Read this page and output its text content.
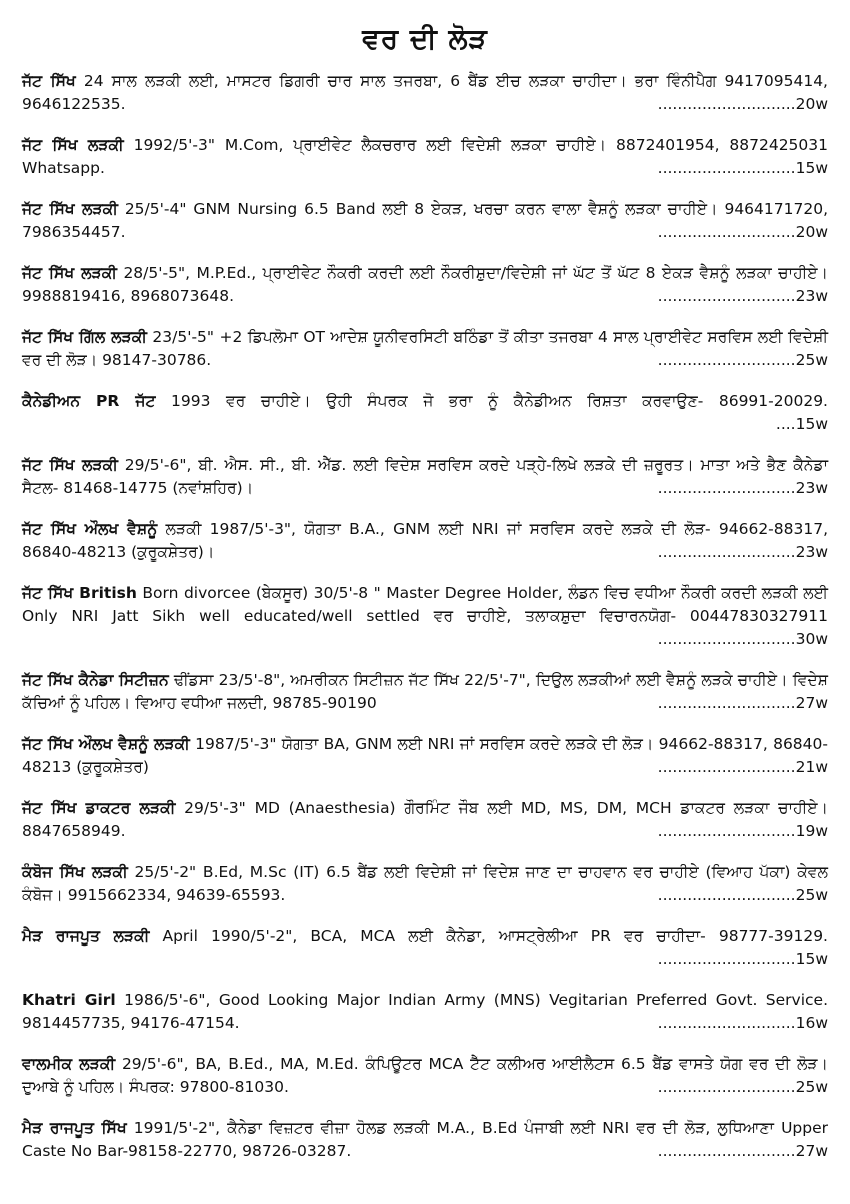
ਵਰ ਦੀ ਲੋੜ
ਜੱਟ ਸਿੱਖ 24 ਸਾਲ ਲੜਕੀ ਲਈ, ਮਾਸਟਰ ਡਿਗਰੀ ਚਾਰ ਸਾਲ ਤਜਰਬਾ, 6 ਬੈਂਡ ਈਚ ਲੜਕਾ ਚਾਹੀਦਾ। ਭਰਾ ਵਿੰਨੀਪੈਗ 9417095414, 9646122535.	............................20w
ਜੱਟ ਸਿੱਖ ਲੜਕੀ 1992/5'-3" M.Com, ਪ੍ਰਾਈਵੇਟ ਲੈਕਚਰਾਰ ਲਈ ਵਿਦੇਸ਼ੀ ਲੜਕਾ ਚਾਹੀਏ। 8872401954, 8872425031 Whatsapp.	............................15w
ਜੱਟ ਸਿੱਖ ਲੜਕੀ 25/5'-4" GNM Nursing 6.5 Band ਲਈ 8 ਏਕੜ, ਖਰਚਾ ਕਰਨ ਵਾਲਾ ਵੈਸ਼ਨੂੰ ਲੜਕਾ ਚਾਹੀਏ। 9464171720, 7986354457.	............................20w
ਜੱਟ ਸਿੱਖ ਲੜਕੀ 28/5'-5", M.P.Ed., ਪ੍ਰਾਈਵੇਟ ਨੌਕਰੀ ਕਰਦੀ ਲਈ ਨੌਕਰੀਸ਼ੁਦਾ/ਵਿਦੇਸ਼ੀ ਜਾਂ ਘੱਟ ਤੋਂ ਘੱਟ 8 ਏਕੜ ਵੈਸ਼ਨੂੰ ਲੜਕਾ ਚਾਹੀਏ। 9988819416, 8968073648.	............................23w
ਜੱਟ ਸਿੱਖ ਗਿੱਲ ਲੜਕੀ 23/5'-5" +2 ਡਿਪਲੋਮਾ OT ਆਦੇਸ਼ ਯੂਨੀਵਰਸਿਟੀ ਬਠਿੰਡਾ ਤੋਂ ਕੀਤਾ ਤਜਰਬਾ 4 ਸਾਲ ਪ੍ਰਾਈਵੇਟ ਸਰਵਿਸ ਲਈ ਵਿਦੇਸ਼ੀ ਵਰ ਦੀ ਲੋੜ। 98147-30786.	............................25w
ਕੈਨੇਡੀਅਨ PR ਜੱਟ 1993 ਵਰ ਚਾਹੀਏ। ਉਹੀ ਸੰਪਰਕ ਜੋ ਭਰਾ ਨੂੰ ਕੈਨੇਡੀਅਨ ਰਿਸ਼ਤਾ ਕਰਵਾਉਣ- 86991-20029.
....15w
ਜੱਟ ਸਿੱਖ ਲੜਕੀ 29/5'-6", ਬੀ. ਐਸ. ਸੀ., ਬੀ. ਐੱਡ. ਲਈ ਵਿਦੇਸ਼ ਸਰਵਿਸ ਕਰਦੇ ਪੜ੍ਹੇ-ਲਿਖੇ ਲੜਕੇ ਦੀ ਜ਼ਰੂਰਤ। ਮਾਤਾ ਅਤੇ ਭੈਣ ਕੈਨੇਡਾ ਸੈਟਲ- 81468-14775 (ਨਵਾਂਸ਼ਹਿਰ)।	............................23w
ਜੱਟ ਸਿੱਖ ਔਲਖ ਵੈਸ਼ਨੂੰ ਲੜਕੀ 1987/5'-3", ਯੋਗਤਾ B.A., GNM ਲਈ NRI ਜਾਂ ਸਰਵਿਸ ਕਰਦੇ ਲੜਕੇ ਦੀ ਲੋੜ- 94662-88317, 86840-48213 (ਕੁਰੂਕਸ਼ੇਤਰ)।	............................23w
ਜੱਟ ਸਿੱਖ British Born divorcee (ਬੇਕਸੂਰ) 30/5'-8 " Master Degree Holder, ਲੰਡਨ ਵਿਚ ਵਧੀਆ ਨੌਕਰੀ ਕਰਦੀ ਲੜਕੀ ਲਈ Only NRI Jatt Sikh well educated/well settled ਵਰ ਚਾਹੀਏ, ਤਲਾਕਸ਼ੁਦਾ ਵਿਚਾਰਨਯੋਗ- 00447830327911
............................30w
ਜੱਟ ਸਿੱਖ ਕੈਨੇਡਾ ਸਿਟੀਜ਼ਨ ਢੀਂਡਸਾ 23/5'-8", ਅਮਰੀਕਨ ਸਿਟੀਜ਼ਨ ਜੱਟ ਸਿੱਖ 22/5'-7", ਦਿਉਲ ਲੜਕੀਆਂ ਲਈ ਵੈਸ਼ਨੂੰ ਲੜਕੇ ਚਾਹੀਏ। ਵਿਦੇਸ਼ ਕੱਚਿਆਂ ਨੂੰ ਪਹਿਲ। ਵਿਆਹ ਵਧੀਆ ਜਲਦੀ, 98785-90190	............................27w
ਜੱਟ ਸਿੱਖ ਔਲਖ ਵੈਸ਼ਨੂੰ ਲੜਕੀ 1987/5'-3" ਯੋਗਤਾ BA, GNM ਲਈ NRI ਜਾਂ ਸਰਵਿਸ ਕਰਦੇ ਲੜਕੇ ਦੀ ਲੋੜ। 94662-88317, 86840-48213 (ਕੁਰੂਕਸ਼ੇਤਰ)	............................21w
ਜੱਟ ਸਿੱਖ ਡਾਕਟਰ ਲੜਕੀ 29/5'-3" MD (Anaesthesia) ਗੌਰਮਿੰਟ ਜੌਬ ਲਈ MD, MS, DM, MCH ਡਾਕਟਰ ਲੜਕਾ ਚਾਹੀਏ। 8847658949.	............................19w
ਕੰਬੋਜ ਸਿੱਖ ਲੜਕੀ 25/5'-2" B.Ed, M.Sc (IT) 6.5 ਬੈਂਡ ਲਈ ਵਿਦੇਸ਼ੀ ਜਾਂ ਵਿਦੇਸ਼ ਜਾਣ ਦਾ ਚਾਹਵਾਨ ਵਰ ਚਾਹੀਏ (ਵਿਆਹ ਪੱਕਾ) ਕੇਵਲ ਕੰਬੋਜ। 9915662334, 94639-65593.	............................25w
ਮੈੜ ਰਾਜਪੂਤ ਲੜਕੀ April 1990/5'-2", BCA, MCA ਲਈ ਕੈਨੇਡਾ, ਆਸਟ੍ਰੇਲੀਆ PR ਵਰ ਚਾਹੀਦਾ- 98777-39129.
............................15w
Khatri Girl 1986/5'-6", Good Looking Major Indian Army (MNS) Vegitarian Preferred Govt. Service. 9814457735, 94176-47154.	............................16w
ਵਾਲਮੀਕ ਲੜਕੀ 29/5'-6", BA, B.Ed., MA, M.Ed. ਕੰਪਿਊਟਰ MCA ਟੈੱਟ ਕਲੀਅਰ ਆਈਲੈਟਸ 6.5 ਬੈਂਡ ਵਾਸਤੇ ਯੋਗ ਵਰ ਦੀ ਲੋੜ। ਦੁਆਬੇ ਨੂੰ ਪਹਿਲ। ਸੰਪਰਕ: 97800-81030.	............................25w
ਮੈੜ ਰਾਜਪੂਤ ਸਿੱਖ 1991/5'-2", ਕੈਨੇਡਾ ਵਿਜ਼ਟਰ ਵੀਜ਼ਾ ਹੋਲਡ ਲੜਕੀ M.A., B.Ed ਪੰਜਾਬੀ ਲਈ NRI ਵਰ ਦੀ ਲੋੜ, ਲੁਧਿਆਣਾ Upper Caste No Bar-98158-22770, 98726-03287.	............................27w
